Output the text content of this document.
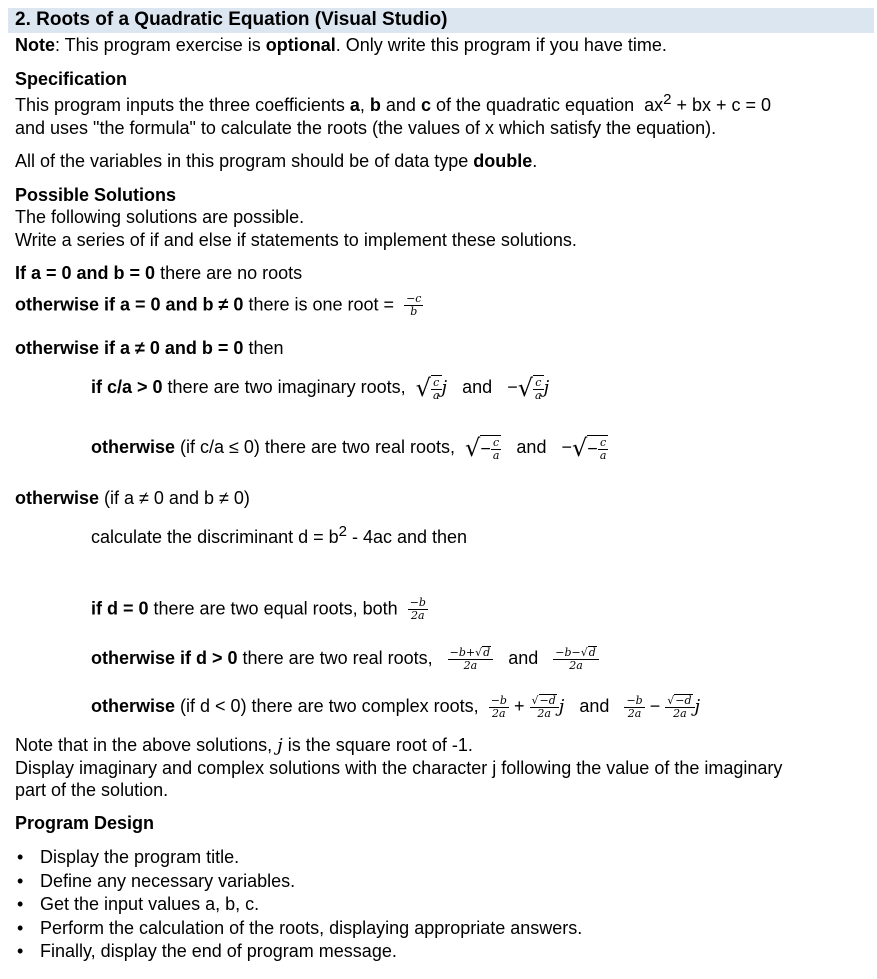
2. Roots of a Quadratic Equation (Visual Studio)
Note: This program exercise is optional. Only write this program if you have time.
Specification
This program inputs the three coefficients a, b and c of the quadratic equation $ax^2$ + bx + c = 0
and uses "the formula" to calculate the roots (the values of x which satisfy the equation).
All of the variables in this program should be of data type double.
Possible Solutions
The following solutions are possible.
Write a series of if and else if statements to implement these solutions.
If a = 0 and b = 0 there are no roots
otherwise if a = 0 and b ≠ 0 there is one root = $\frac{-c}{b}$
otherwise if a ≠ 0 and b = 0 then
if c/a > 0 there are two imaginary roots, √ $\frac{c}{a}$ j and −√ $\frac{c}{a}$ j
otherwise (if c/a ≤ 0) there are two real roots, √− $\frac{c}{a}$ and −√− $\frac{c}{a}$
otherwise (if a ≠ 0 and b ≠ 0)
calculate the discriminant $d = b^2 - 4ac$ and then
if d = 0 there are two equal roots, both $\frac{-b}{2a}$
otherwise if d > 0 there are two real roots, $\frac{-b+√d}{2a}$ and $\frac{-b-√d}{2a}$
otherwise (if d < 0) there are two complex roots, $\frac{-b}{2a} + \frac{√-d}{2a}$ j and $\frac{-b}{2a} - \frac{√-d}{2a}$ j
Note that in the above solutions, j is the square root of -1.
Display imaginary and complex solutions with the character j following the value of the imaginary
part of the solution.
Program Design
• Display the program title.
• Define any necessary variables.
• Get the input values a, b, c.
• Perform the calculation of the roots, displaying appropriate answers.
• Finally, display the end of program message.
